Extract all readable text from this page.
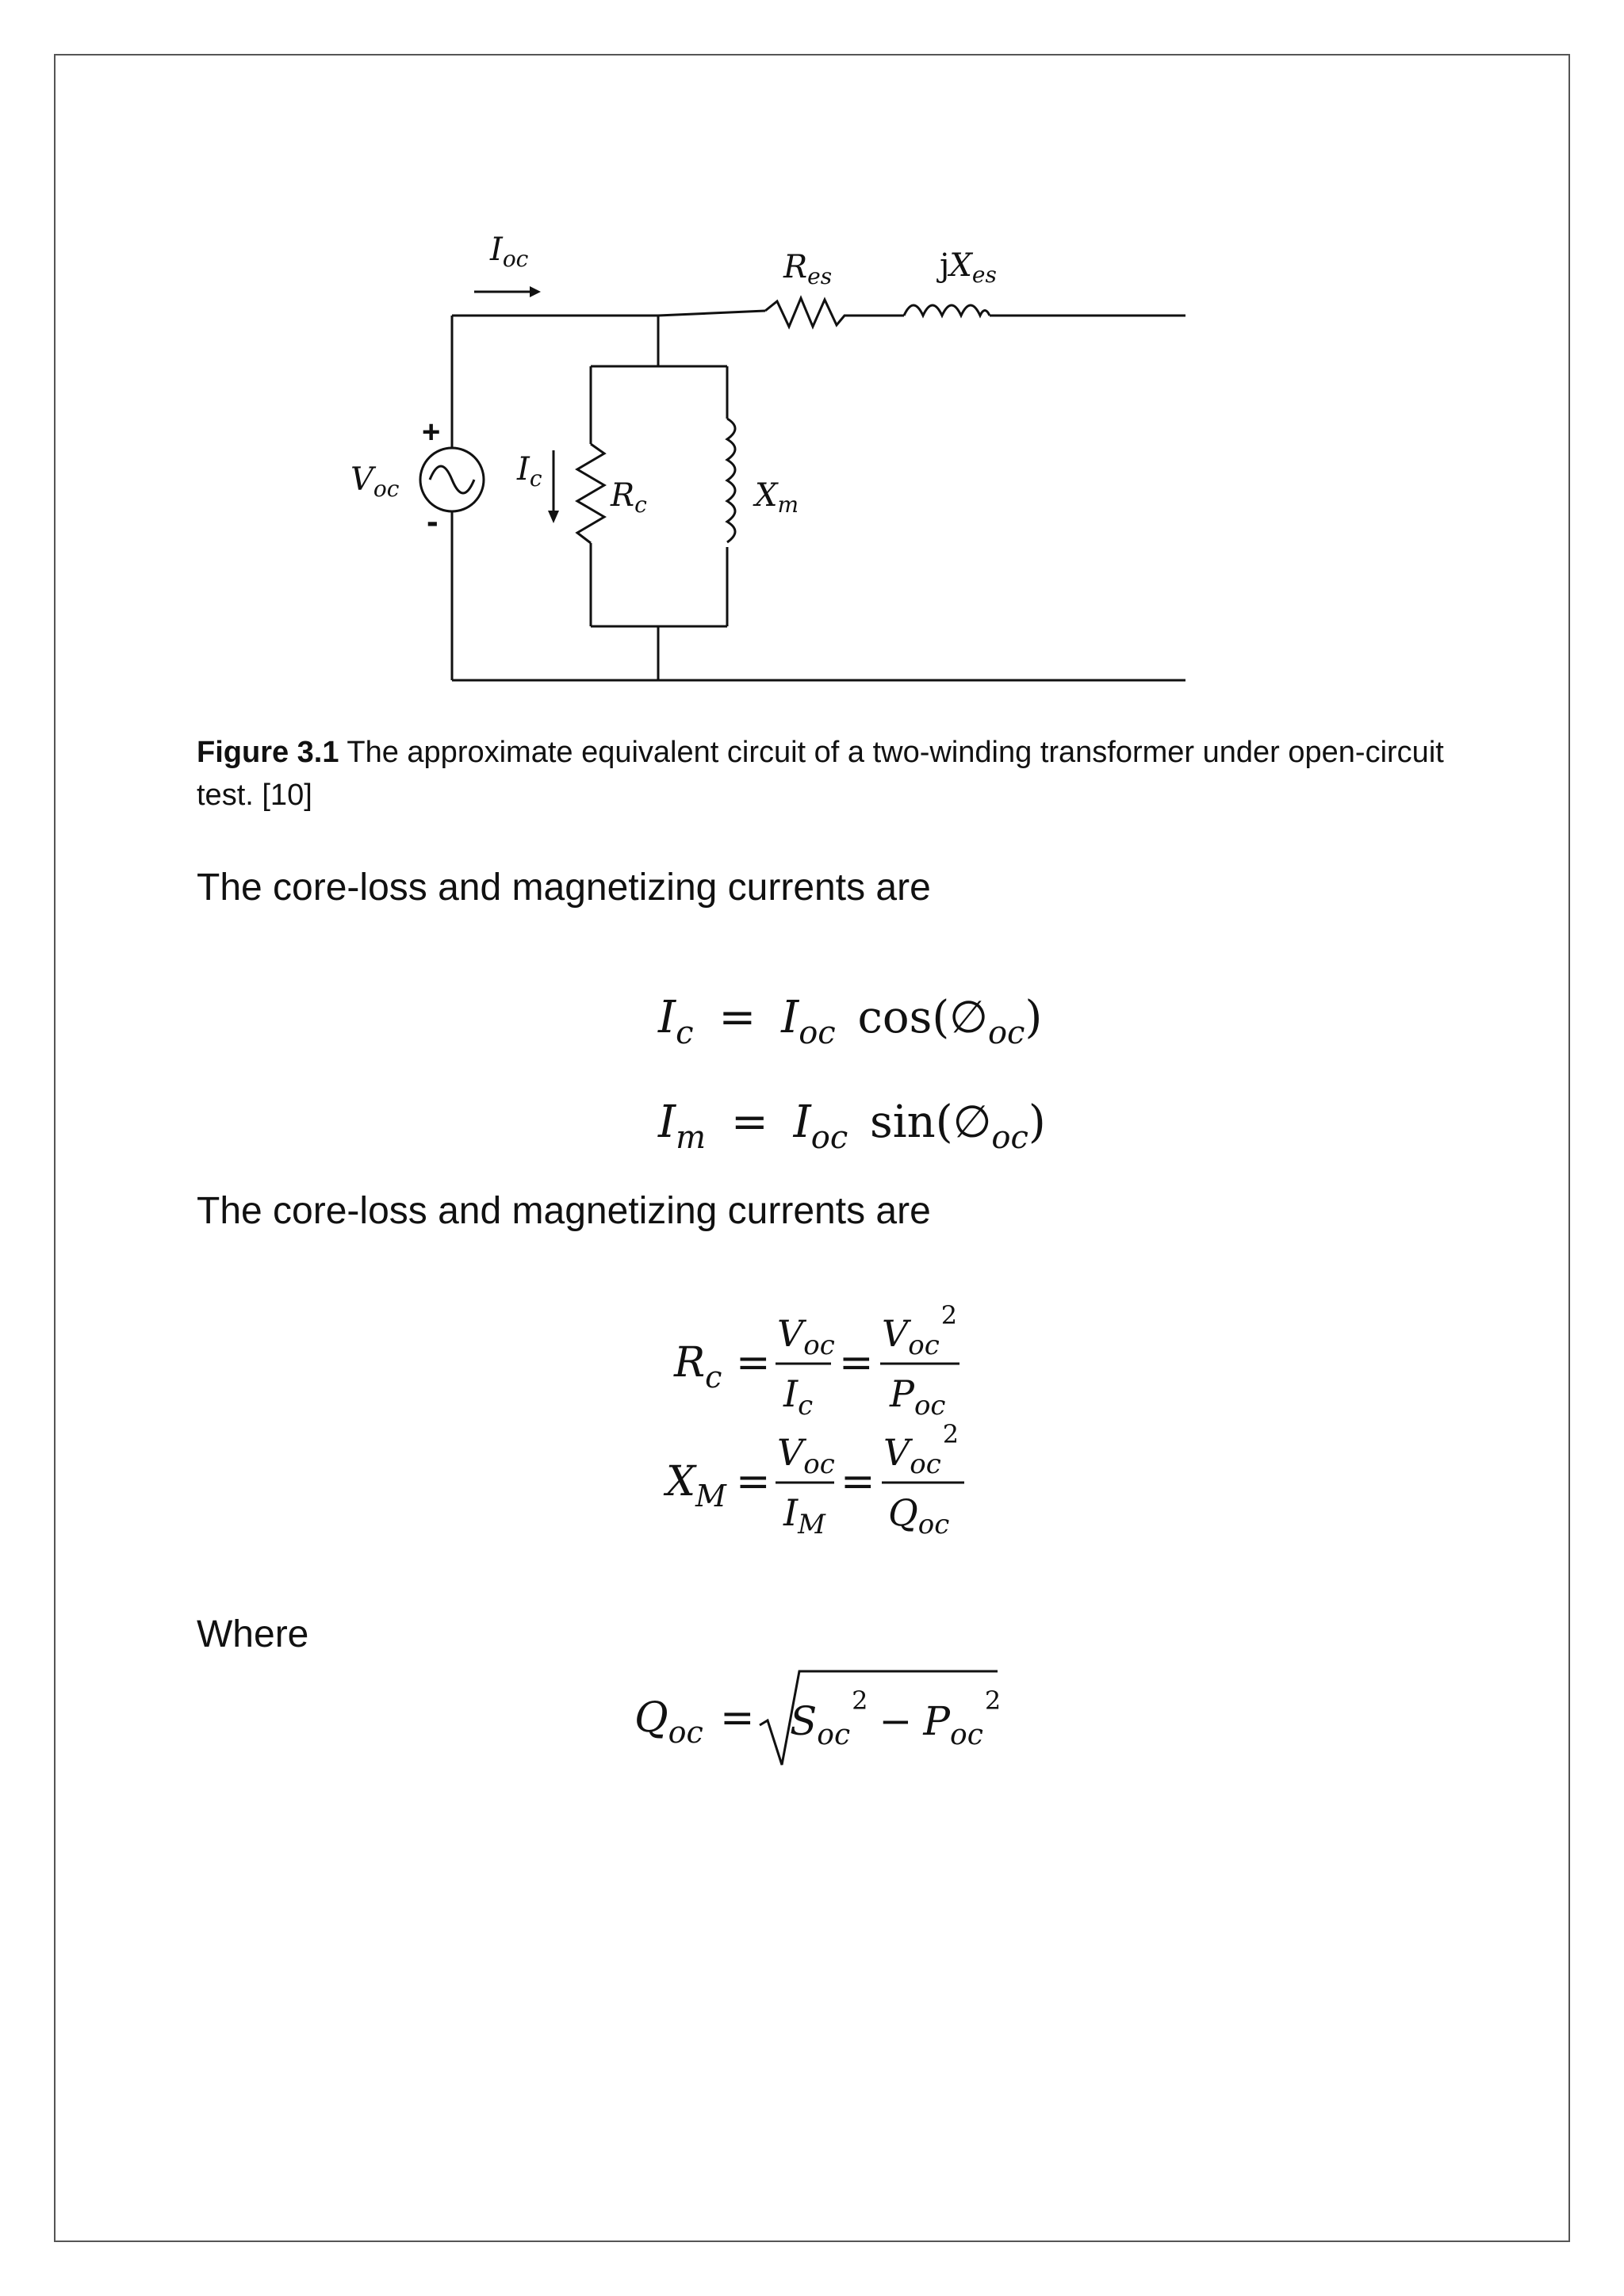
$I_{oc}$	$R_{es}$	$jX_{es}$
$V_{oc}$
+
-
$I_c$ $R_c$	$X_m$
Figure 3.1 The approximate equivalent circuit of a two-winding transformer under open-circuit test. [10]
The core-loss and magnetizing currents are
$I_c = I_{oc}$ $\cos(\emptyset_{oc})$
$I_m = I_{oc}$ $\sin(\emptyset_{oc})$
The core-loss and magnetizing currents are
$R_c$ =
$V_{oc}$
$I_c$
=
$V_{oc}^2$
$P_{oc}$
$X_M$ =
$V_{oc}$
$I_M$
=
$V_{oc}^2$
$Q_{oc}$
Where
$Q_{oc} = S_{oc}^2 - P_{oc}^2$
